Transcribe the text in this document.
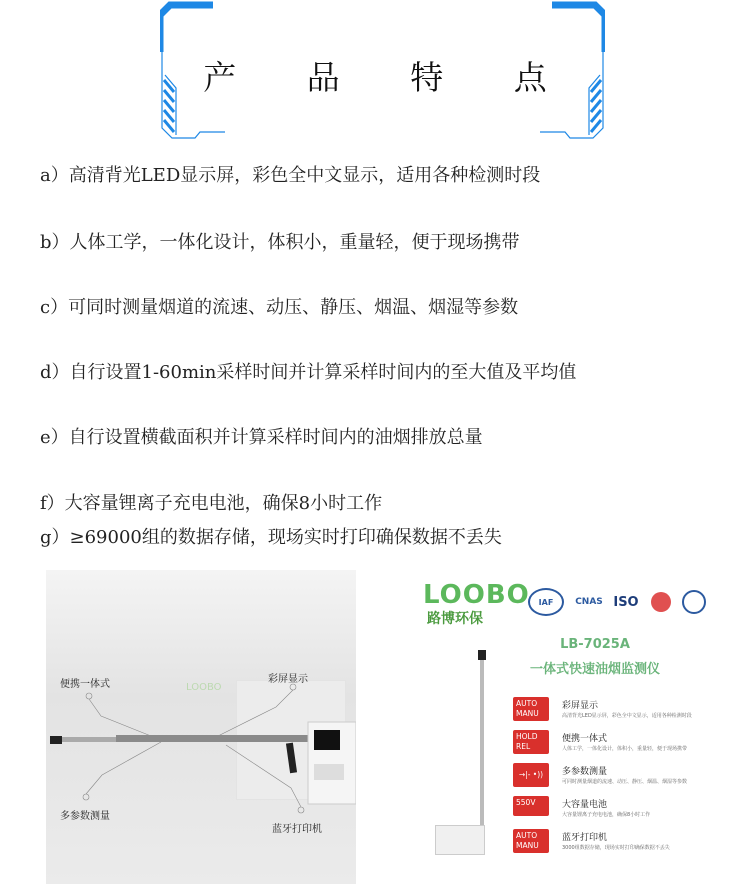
产 品 特 点
a）高清背光LED显示屏，彩色全中文显示，适用各种检测时段
b）人体工学，一体化设计，体积小，重量轻，便于现场携带
c）可同时测量烟道的流速、动压、静压、烟温、烟湿等参数
d）自行设置1-60min采样时间并计算采样时间内的至大值及平均值
e）自行设置横截面积并计算采样时间内的油烟排放总量
f）大容量锂离子充电电池，确保8小时工作
g）≥69000组的数据存储，现场实时打印确保数据不丢失
LOOBO
便携一体式	彩屏显示
多参数测量
蓝牙打印机
LOOBO
路博环保
IAF	CNAS ISO
LB-7025A
一体式快速油烟监测仪
AUTO MANU
彩屏显示
高清背光LED显示屏，彩色全中文显示，适用各种检测时段
HOLD REL
便携一体式
人体工学，一体化设计，体积小，重量轻，便于现场携带
→|- •))	多参数测量
可同时测量烟道的流速、动压、静压、烟温、烟湿等参数
550V	大容量电池
大容量锂离子充电电池，确保8小时工作
AUTO MANU
蓝牙打印机
3000组数据存储，现场实时打印确保数据不丢失
